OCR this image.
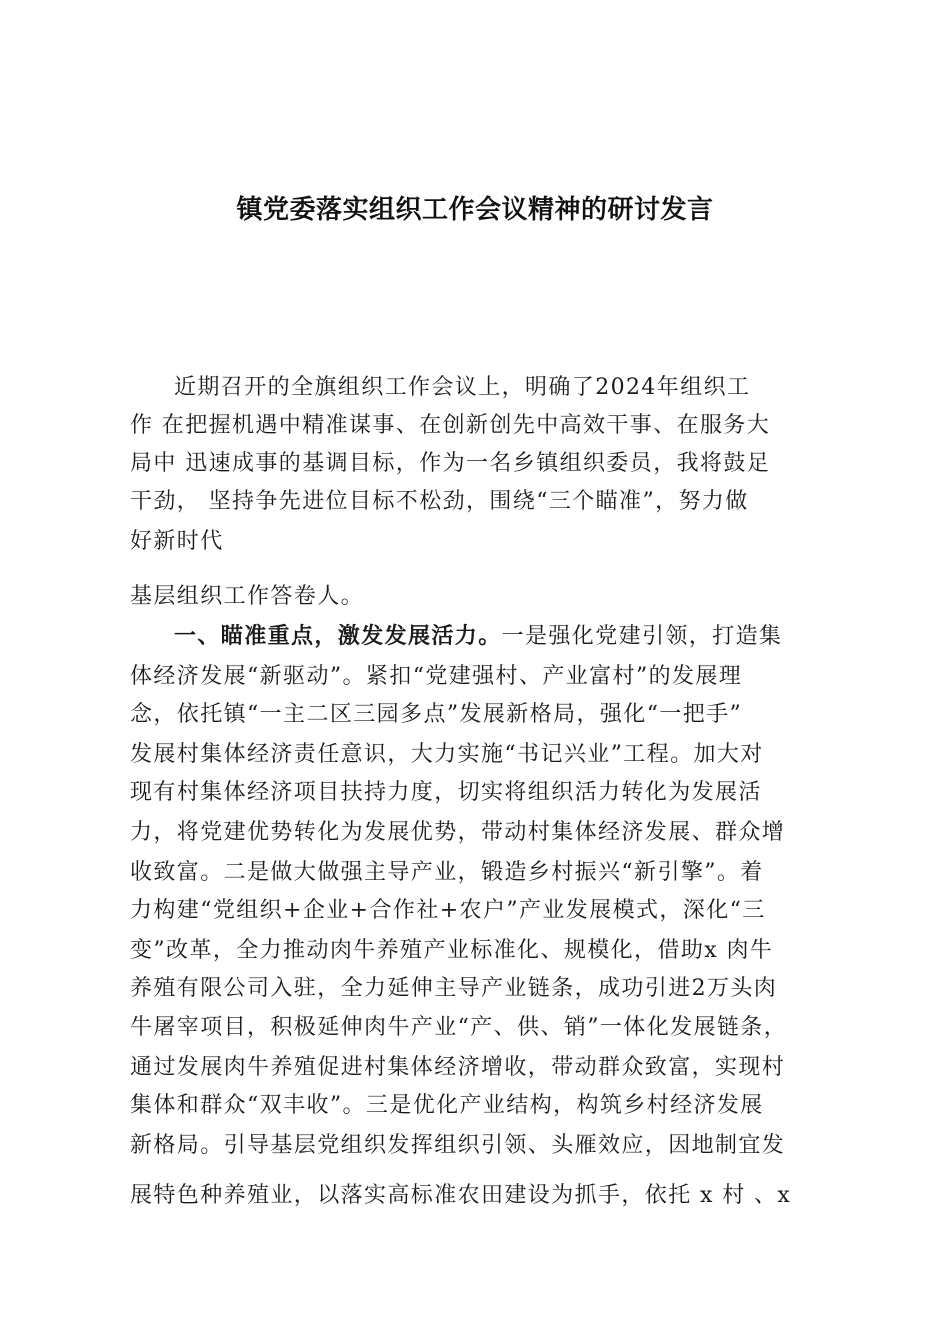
镇党委落实组织工作会议精神的研讨发言
近期召开的全旗组织工作会议上，明确了2024年组织工
作 在把握机遇中精准谋事、在创新创先中高效干事、在服务大
局中 迅速成事的基调目标，作为一名乡镇组织委员，我将鼓足
干劲， 坚持争先进位目标不松劲，围绕“三个瞄准”，努力做
好新时代
基层组织工作答卷人。
一、瞄准重点，激发发展活力。一是强化党建引领，打造集
体经济发展“新驱动”。紧扣“党建强村、产业富村”的发展理
念，依托镇“一主二区三园多点”发展新格局，强化“一把手”
发展村集体经济责任意识，大力实施“书记兴业”工程。加大对
现有村集体经济项目扶持力度，切实将组织活力转化为发展活
力，将党建优势转化为发展优势，带动村集体经济发展、群众增
收致富。二是做大做强主导产业，锻造乡村振兴“新引擎”。着
力构建“党组织+企业+合作社+农户”产业发展模式，深化“三
变”改革，全力推动肉牛养殖产业标准化、规模化，借助x 肉牛
养殖有限公司入驻，全力延伸主导产业链条，成功引进2万头肉
牛屠宰项目，积极延伸肉牛产业“产、供、销”一体化发展链条，
通过发展肉牛养殖促进村集体经济增收，带动群众致富，实现村
集体和群众“双丰收”。三是优化产业结构，构筑乡村经济发展
新格局。引导基层党组织发挥组织引领、头雁效应，因地制宜发
展特色种养殖业，以落实高标准农田建设为抓手，依托 x 村 、x
